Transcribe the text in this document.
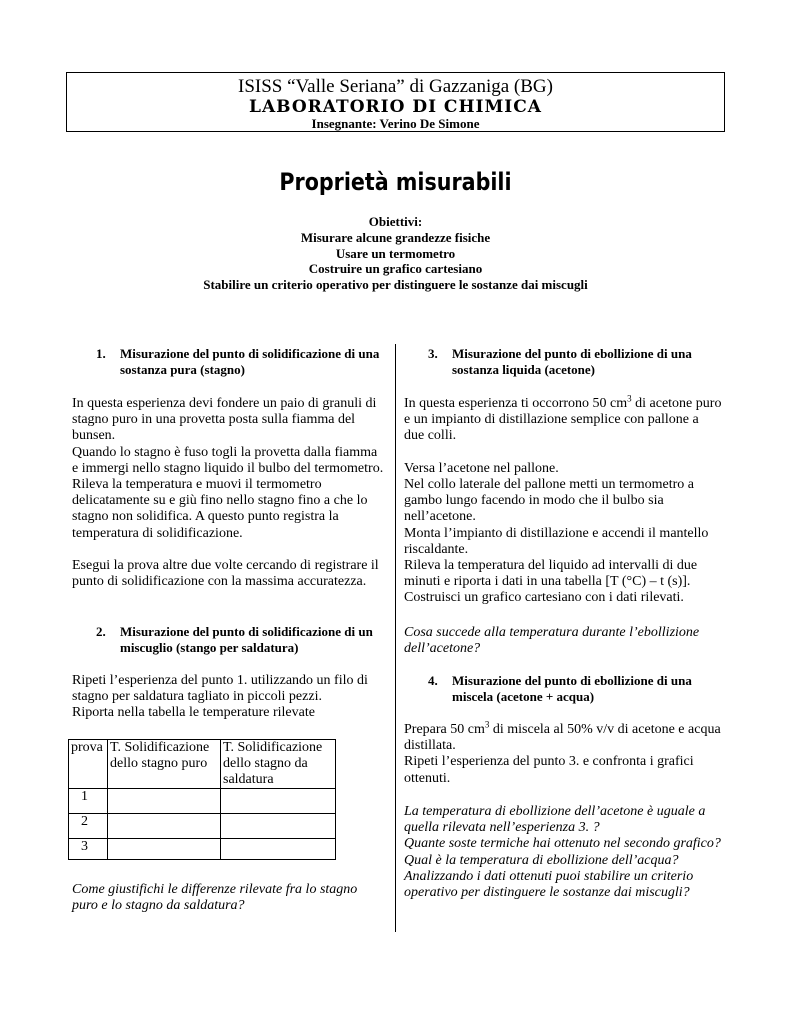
ISISS “Valle Seriana” di Gazzaniga (BG)
LABORATORIO DI CHIMICA
Insegnante: Verino De Simone
Proprietà misurabili
Obiettivi:
Misurare alcune grandezze fisiche
Usare un termometro
Costruire un grafico cartesiano
Stabilire un criterio operativo per distinguere le sostanze dai miscugli
1. Misurazione del punto di solidificazione di una sostanza pura (stagno)

In questa esperienza devi fondere un paio di granuli di stagno puro in una provetta posta sulla fiamma del bunsen.

Quando lo stagno è fuso togli la provetta dalla fiamma e immergi nello stagno liquido il bulbo del termometro.

Rileva la temperatura e muovi il termometro delicatamente su e giù fino nello stagno fino a che lo stagno non solidifica. A questo punto registra la temperatura di solidificazione.

Esegui la prova altre due volte cercando di registrare il punto di solidificazione con la massima accuratezza.

2. Misurazione del punto di solidificazione di un miscuglio (stango per saldatura)

Ripeti l’esperienza del punto 1. utilizzando un filo di stagno per saldatura tagliato in piccoli pezzi.

Riporta nella tabella le temperature rilevate

prova	T. Solidificazione dello stagno puro	T. Solidificazione dello stagno da saldatura
1		
2		
3		
Come giustifichi le differenze rilevate fra lo stagno puro e lo stagno da saldatura?
3. Misurazione del punto di ebollizione di una sostanza liquida (acetone)

In questa esperienza ti occorrono 50 $cm^3$ di acetone puro e un impianto di distillazione semplice con pallone a due colli.

Versa l’acetone nel pallone.

Nel collo laterale del pallone metti un termometro a gambo lungo facendo in modo che il bulbo sia nell’acetone.

Monta l’impianto di distillazione e accendi il mantello riscaldante.

Rileva la temperatura del liquido ad intervalli di due minuti e riporta i dati in una tabella [T (°C) – t (s)].

Costruisci un grafico cartesiano con i dati rilevati.

Cosa succede alla temperatura durante l’ebollizione dell’acetone?
4. Misurazione del punto di ebollizione di una miscela (acetone + acqua)

Prepara 50 $cm^3$ di miscela al 50% v/v di acetone e acqua distillata.

Ripeti l’esperienza del punto 3. e confronta i grafici ottenuti.

La temperatura di ebollizione dell’acetone è uguale a quella rilevata nell’esperienza 3. ?

Quante soste termiche hai ottenuto nel secondo grafico?

Qual è la temperatura di ebollizione dell’acqua?

Analizzando i dati ottenuti puoi stabilire un criterio operativo per distinguere le sostanze dai miscugli?
